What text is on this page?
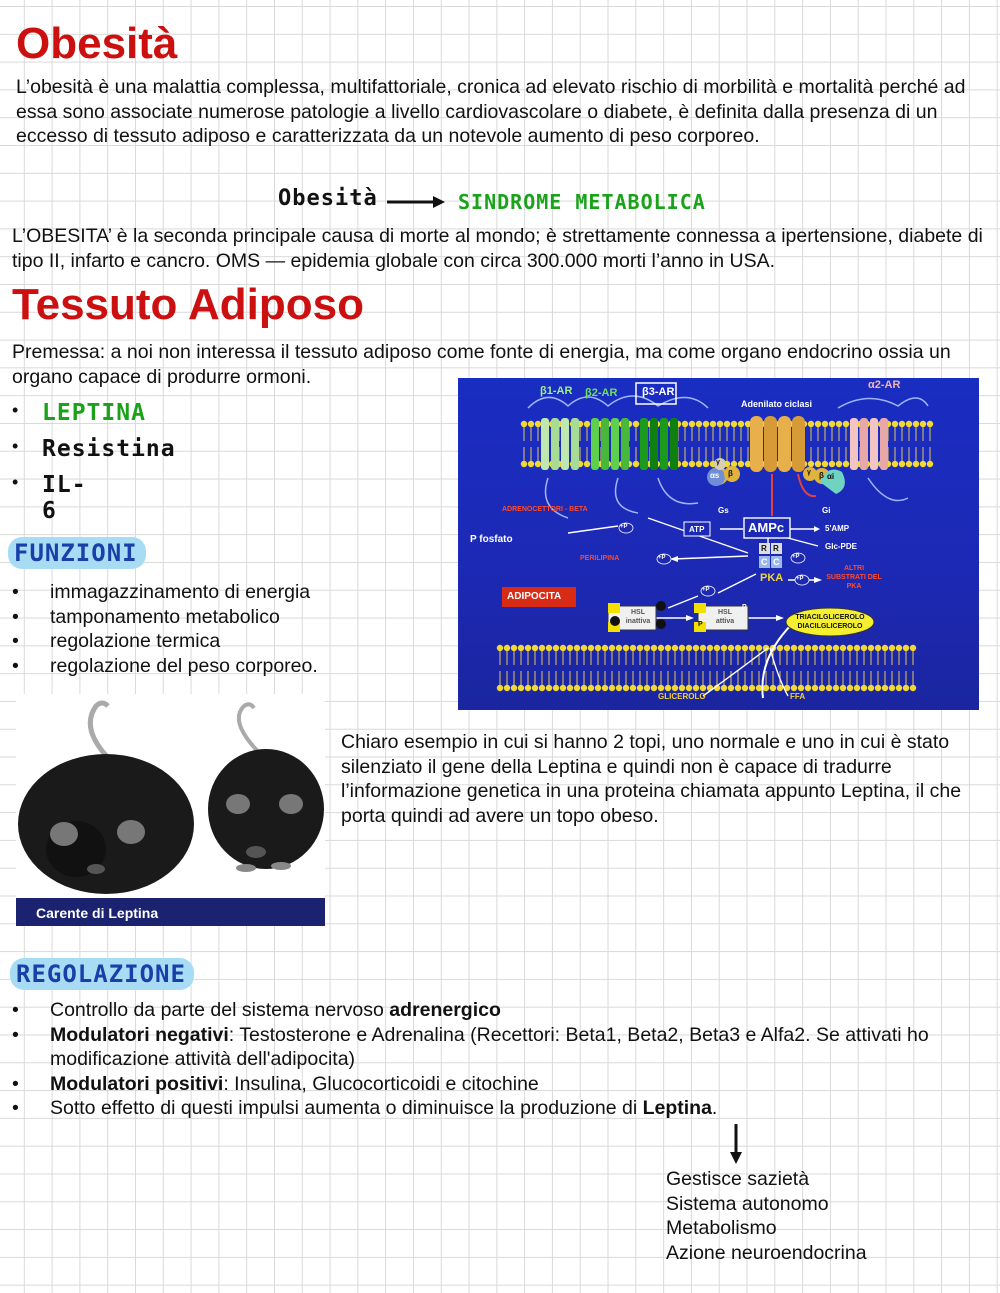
Obesità
L’obesità è una malattia complessa, multifattoriale, cronica ad elevato rischio di morbilità e mortalità perché ad essa sono associate numerose patologie a livello cardiovascolare o diabete, è definita dalla presenza di un eccesso di tessuto adiposo e caratterizzata da un notevole aumento di peso corporeo.
Obesità	SINDROME METABOLICA
L’OBESITA’ è la seconda principale causa di morte al mondo; è strettamente connessa a ipertensione, diabete di tipo II, infarto e cancro. OMS — epidemia globale con circa 300.000 morti l’anno in USA.
Tessuto Adiposo
Premessa: a noi non interessa il tessuto adiposo come fonte di energia, ma come organo endocrino ossia un organo capace di produrre ormoni.
• LEPTINA
• Resistina
• IL-6
FUNZIONI
• immagazzinamento di energia
• tamponamento metabolico
• regolazione termica
• regolazione del peso corporeo.
β1-AR β2-AR β3-AR
α2-AR
Adenilato ciclasi
Gs	Gi
αs	αi
β
γ
γ β
ADRENOCETTORI - BETA
P fosfato
ATP	AMPc	5'AMP
Glc-PDE
PERILIPINA
R R
C C
PKA
ALTRI SUBSTRATI DEL PKA
ADIPOCITA
HSL inattiva
HSL attiva
P
P
TRIACILGLICEROLO DIACILGLICEROLO
GLICEROLO	FFA
+P
+P	+P
+P
+P
Carente di Leptina
Chiaro esempio in cui si hanno 2 topi, uno normale e uno in cui è stato silenziato il gene della Leptina e quindi non è capace di tradurre l’informazione genetica in una proteina chiamata appunto Leptina, il che porta quindi ad avere un topo obeso.
REGOLAZIONE
• Controllo da parte del sistema nervoso adrenergico
• Modulatori negativi: Testosterone e Adrenalina (Recettori: Beta1, Beta2, Beta3 e Alfa2. Se attivati ho modificazione attività dell'adipocita)
• Modulatori positivi: Insulina, Glucocorticoidi e citochine
• Sotto effetto di questi impulsi aumenta o diminuisce la produzione di Leptina.
Gestisce sazietà
Sistema autonomo
Metabolismo
Azione neuroendocrina
